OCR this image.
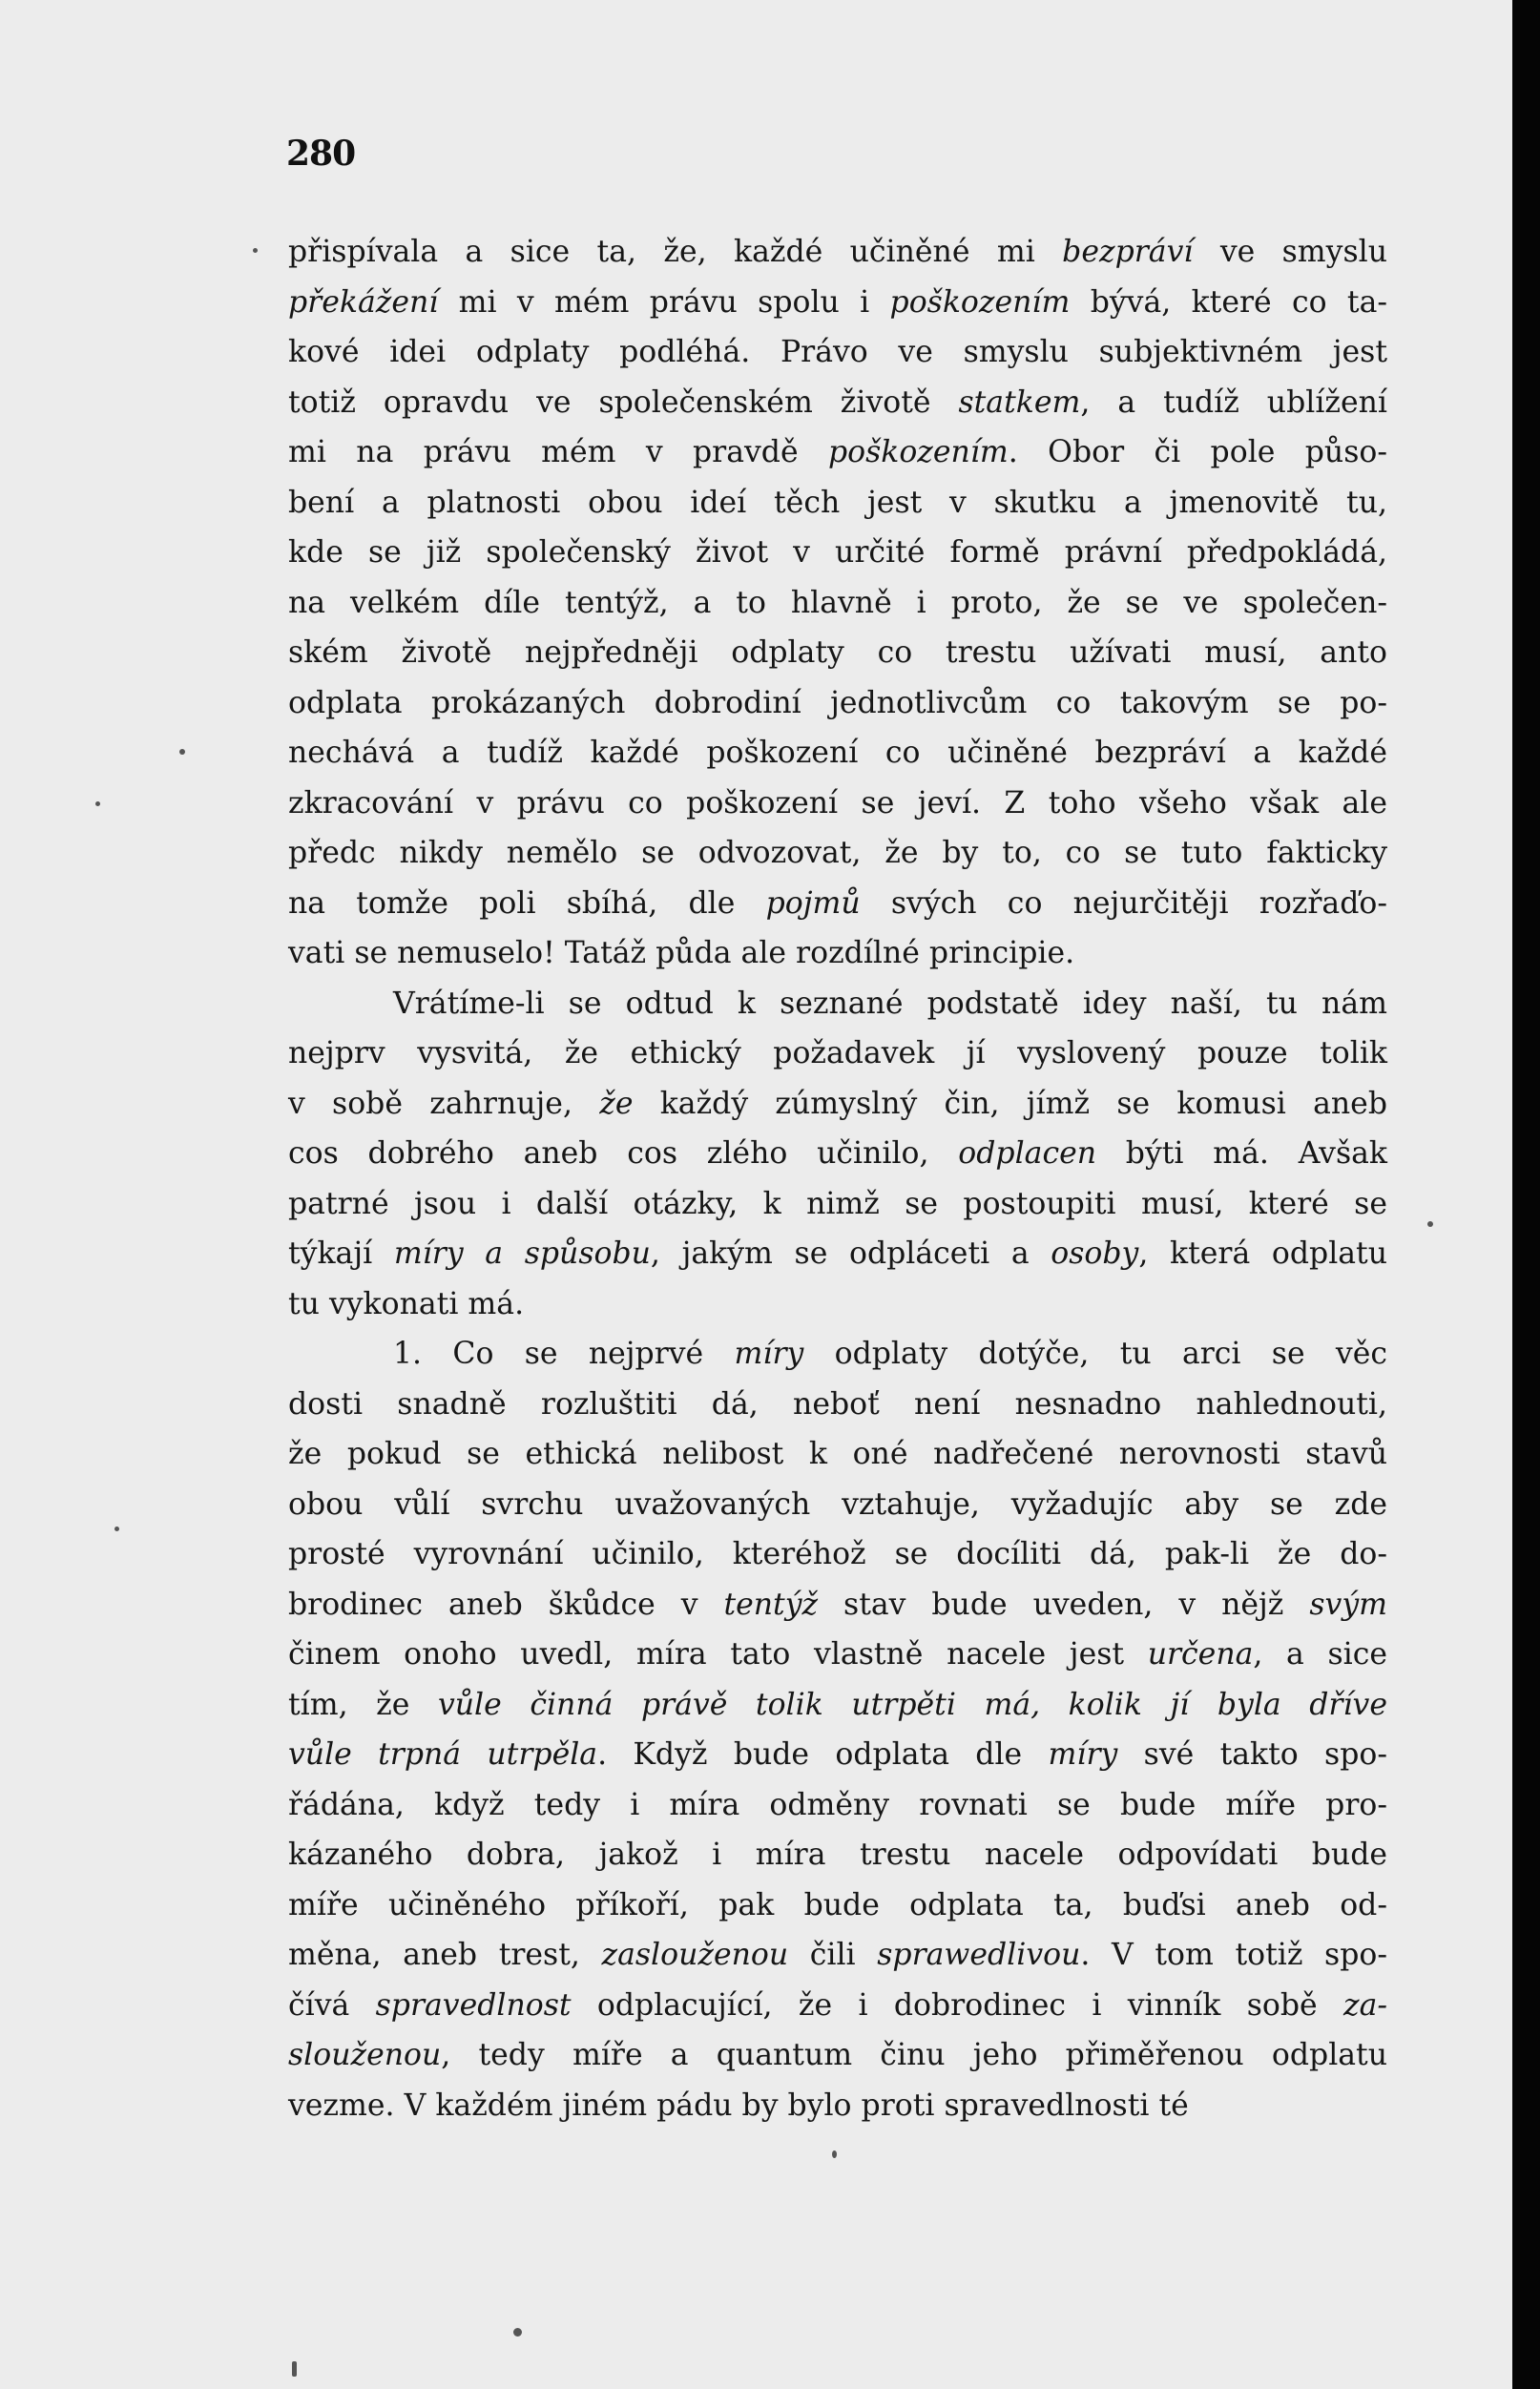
280
přispívala a sice ta, že, každé učiněné mi bezpráví ve smyslu
překážení mi v mém právu spolu i poškozením bývá, které co ta-
kové idei odplaty podléhá. Právo ve smyslu subjektivném jest
totiž opravdu ve společenském životě statkem, a tudíž ublížení
mi na právu mém v pravdě poškozením. Obor či pole půso-
bení a platnosti obou ideí těch jest v skutku a jmenovitě tu,
kde se již společenský život v určité formě právní předpokládá,
na velkém díle tentýž, a to hlavně i proto, že se ve společen-
ském životě nejpředněji odplaty co trestu užívati musí, anto
odplata prokázaných dobrodiní jednotlivcům co takovým se po-
nechává a tudíž každé poškození co učiněné bezpráví a každé
zkracování v právu co poškození se jeví. Z toho všeho však ale
předc nikdy nemělo se odvozovat, že by to, co se tuto fakticky
na tomže poli sbíhá, dle pojmů svých co nejurčitěji rozřaďo-
vati se nemuselo! Tatáž půda ale rozdílné principie.
Vrátíme-li se odtud k seznané podstatě idey naší, tu nám
nejprv vysvitá, že ethický požadavek jí vyslovený pouze tolik
v sobě zahrnuje, že každý zúmyslný čin, jímž se komusi aneb
cos dobrého aneb cos zlého učinilo, odplacen býti má. Avšak
patrné jsou i další otázky, k nimž se postoupiti musí, které se
týkají míry a spůsobu, jakým se odpláceti a osoby, která odplatu
tu vykonati má.
1. Co se nejprvé míry odplaty dotýče, tu arci se věc
dosti snadně rozluštiti dá, neboť není nesnadno nahlednouti,
že pokud se ethická nelibost k oné nadřečené nerovnosti stavů
obou vůlí svrchu uvažovaných vztahuje, vyžadujíc aby se zde
prosté vyrovnání učinilo, kteréhož se docíliti dá, pak-li že do-
brodinec aneb škůdce v tentýž stav bude uveden, v nějž svým
činem onoho uvedl, míra tato vlastně nacele jest určena, a sice
tím, že vůle činná právě tolik utrpěti má, kolik jí byla dříve
vůle trpná utrpěla. Když bude odplata dle míry své takto spo-
řádána, když tedy i míra odměny rovnati se bude míře pro-
kázaného dobra, jakož i míra trestu nacele odpovídati bude
míře učiněného příkoří, pak bude odplata ta, buďsi aneb od-
měna, aneb trest, zaslouženou čili sprawedlivou. V tom totiž spo-
čívá spravedlnost odplacující, že i dobrodinec i vinník sobě za-
slouženou, tedy míře a quantum činu jeho přiměřenou odplatu
vezme. V každém jiném pádu by bylo proti spravedlnosti té
